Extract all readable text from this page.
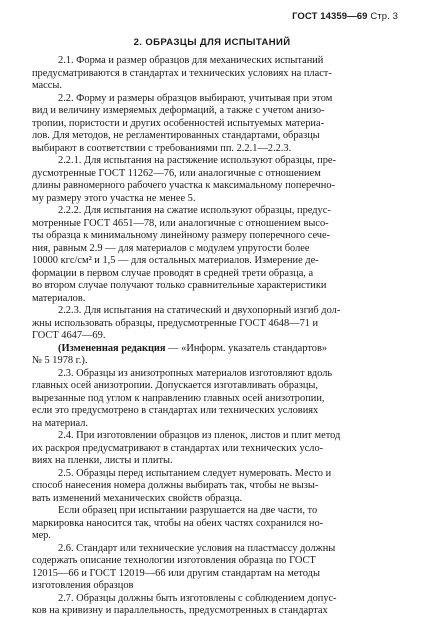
ГОСТ 14359—69 Стр. 3
2. ОБРАЗЦЫ ДЛЯ ИСПЫТАНИЙ
2.1. Форма и размер образцов для механических испытаний
предусматриваются в стандартах и технических условиях на пласт-
массы.
2.2. Форму и размеры образцов выбирают, учитывая при этом
вид и величину измеряемых деформаций, а также с учетом анизо-
тропии, пористости и других особенностей испытуемых материа-
лов. Для методов, не регламентированных стандартами, образцы
выбирают в соответствии с требованиями пп. 2.2.1—2.2.3.
2.2.1. Для испытания на растяжение используют образцы, пре-
дусмотренные ГОСТ 11262—76, или аналогичные с отношением
длины равномерного рабочего участка к максимальному поперечно-
му размеру этого участка не менее 5.
2.2.2. Для испытания на сжатие используют образцы, предус-
мотренные ГОСТ 4651—78, или аналогичные с отношением высо-
ты образца к минимальному линейному размеру поперечного сече-
ния, равным 2.9 — для материалов с модулем упругости более
10000 кгс/см² и 1,5 — для остальных материалов. Измерение де-
формации в первом случае проводят в средней трети образца, а
во втором случае получают только сравнительные характеристики
материалов.
2.2.3. Для испытания на статический и двухопорный изгиб дол-
жны использовать образцы, предусмотренные ГОСТ 4648—71 и
ГОСТ 4647—69.
(Измененная редакция — «Информ. указатель стандартов»
№ 5 1978 г.).
2.3. Образцы из анизотропных материалов изготовляют вдоль
главных осей анизотропии. Допускается изготавливать образцы,
вырезанные под углом к направлению главных осей анизотропии,
если это предусмотрено в стандартах или технических условиях
на материал.
2.4. При изготовлении образцов из пленок, листов и плит метод
их раскроя предусматривают в стандартах или технических усло-
виях на пленки, листы и плиты.
2.5. Образцы перед испытанием следует нумеровать. Место и
способ нанесения номера должны выбирать так, чтобы не вызы-
вать изменений механических свойств образца.
Если образец при испытании разрушается на две части, то
маркировка наносится так, чтобы на обеих частях сохранился но-
мер.
2.6. Стандарт или технические условия на пластмассу должны
содержать описание технологии изготовления образца по ГОСТ
12015—66 и ГОСТ 12019—66 или другим стандартам на методы
изготовления образцов
2.7. Образцы должны быть изготовлены с соблюдением допус-
ков на кривизну и параллельность, предусмотренных в стандартах
